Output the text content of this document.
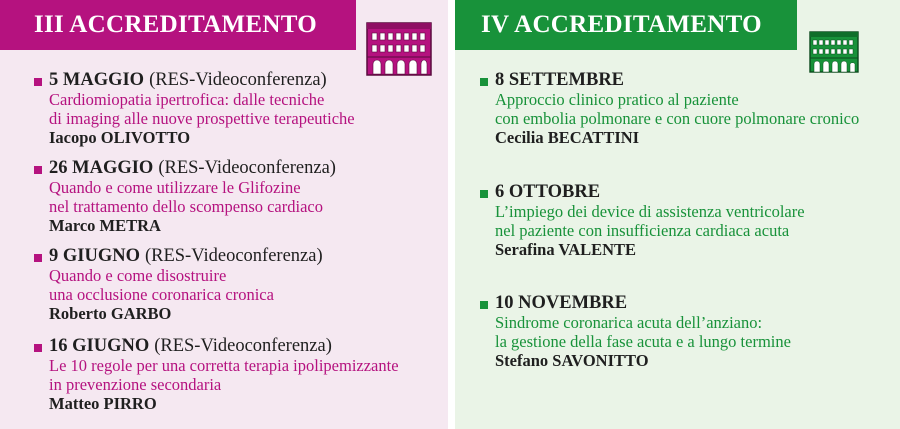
III ACCREDITAMENTO
5 MAGGIO (RES-Videoconferenza)
Cardiomiopatia ipertrofica: dalle tecniche
di imaging alle nuove prospettive terapeutiche
Iacopo OLIVOTTO
26 MAGGIO (RES-Videoconferenza)
Quando e come utilizzare le Glifozine
nel trattamento dello scompenso cardiaco
Marco METRA
9 GIUGNO (RES-Videoconferenza)
Quando e come disostruire
una occlusione coronarica cronica
Roberto GARBO
16 GIUGNO (RES-Videoconferenza)
Le 10 regole per una corretta terapia ipolipemizzante
in prevenzione secondaria
Matteo PIRRO
IV ACCREDITAMENTO
8 SETTEMBRE
Approccio clinico pratico al paziente
con embolia polmonare e con cuore polmonare cronico
Cecilia BECATTINI
6 OTTOBRE
L’impiego dei device di assistenza ventricolare
nel paziente con insufficienza cardiaca acuta
Serafina VALENTE
10 NOVEMBRE
Sindrome coronarica acuta dell’anziano:
la gestione della fase acuta e a lungo termine
Stefano SAVONITTO
